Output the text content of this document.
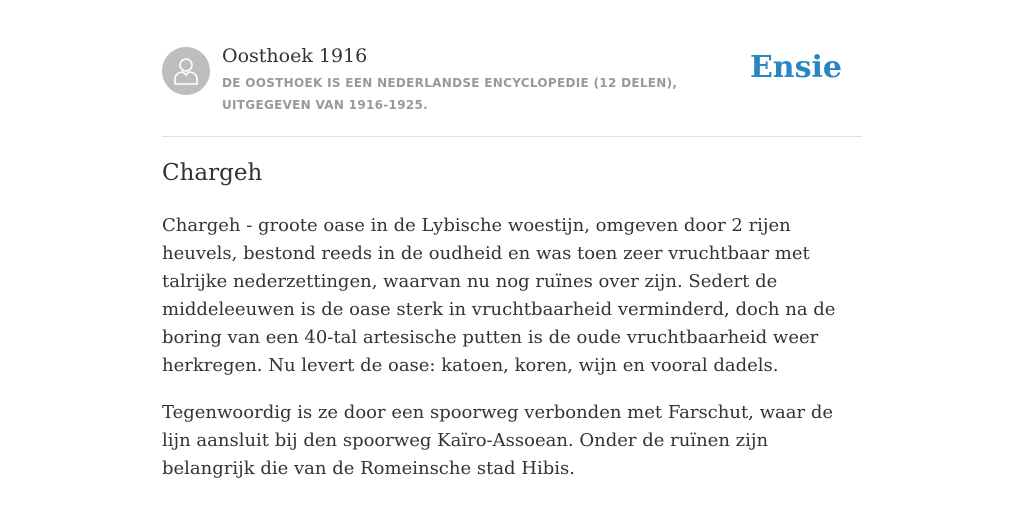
Oosthoek 1916
DE OOSTHOEK IS EEN NEDERLANDSE ENCYCLOPEDIE (12 DELEN), UITGEGEVEN VAN 1916-1925.
Ensie
Chargeh

Chargeh - groote oase in de Lybische woestijn, omgeven door 2 rijen heuvels, bestond reeds in de oudheid en was toen zeer vruchtbaar met talrijke nederzettingen, waarvan nu nog ruïnes over zijn. Sedert de middeleeuwen is de oase sterk in vruchtbaarheid verminderd, doch na de boring van een 40-tal artesische putten is de oude vruchtbaarheid weer herkregen. Nu levert de oase: katoen, koren, wijn en vooral dadels.

Tegenwoordig is ze door een spoorweg verbonden met Farschut, waar de lijn aansluit bij den spoorweg Kaïro-Assoean. Onder de ruïnen zijn belangrijk die van de Romeinsche stad Hibis.
